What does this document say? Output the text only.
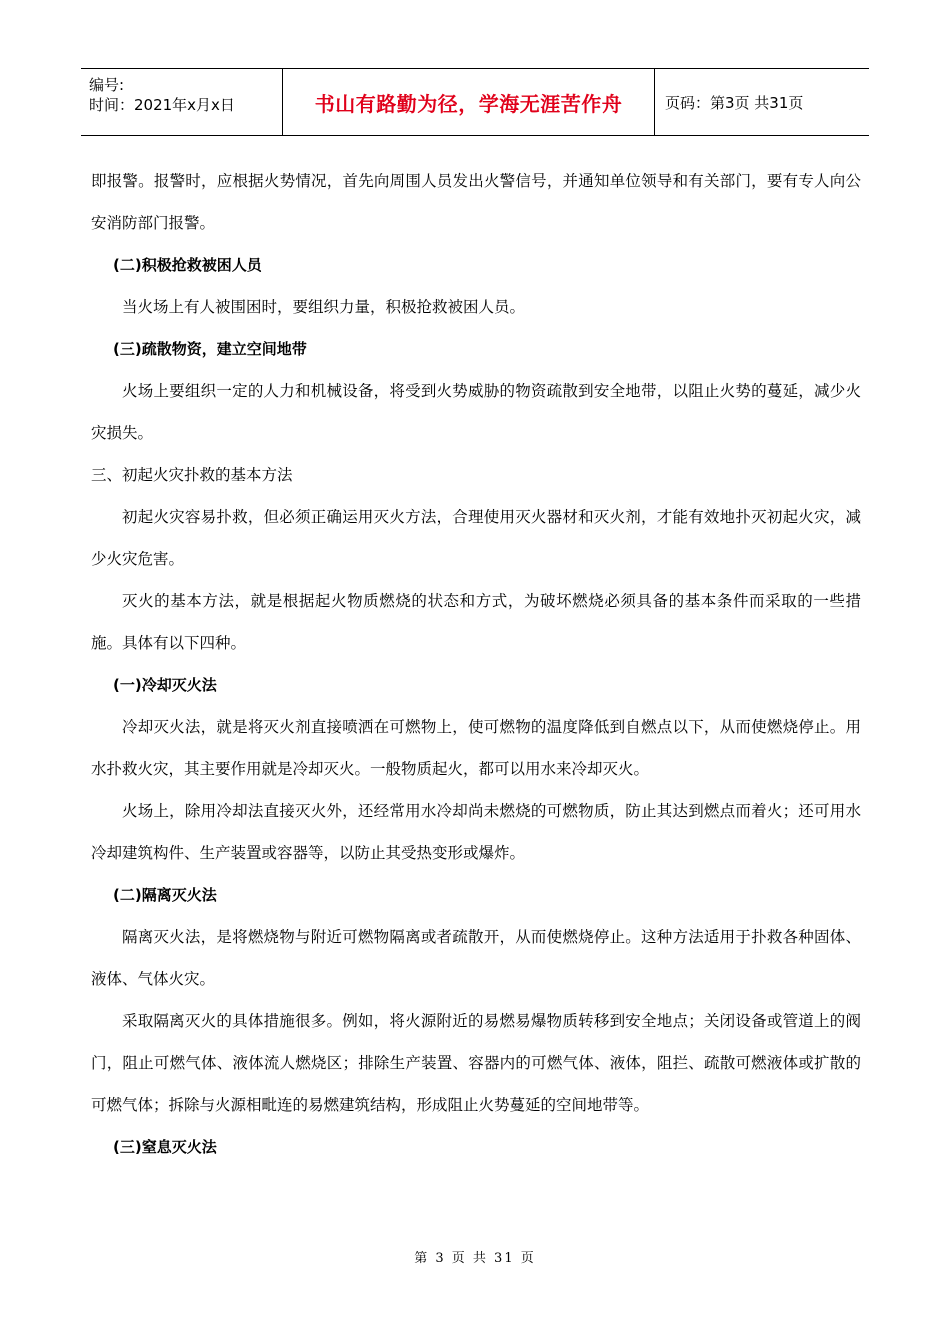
编号:
时间：2021年x月x日	书山有路勤为径，学海无涯苦作舟	页码：第3页 共31页

即报警。报警时，应根据火势情况，首先向周围人员发出火警信号，并通知单位领导和有关部门，要有专人向公安消防部门报警。

(二)积极抢救被困人员

当火场上有人被围困时，要组织力量，积极抢救被困人员。

(三)疏散物资，建立空间地带

火场上要组织一定的人力和机械设备，将受到火势威胁的物资疏散到安全地带，以阻止火势的蔓延，减少火灾损失。

三、初起火灾扑救的基本方法

初起火灾容易扑救，但必须正确运用灭火方法，合理使用灭火器材和灭火剂，才能有效地扑灭初起火灾，减少火灾危害。

灭火的基本方法，就是根据起火物质燃烧的状态和方式，为破坏燃烧必须具备的基本条件而采取的一些措施。具体有以下四种。

(一)冷却灭火法

冷却灭火法，就是将灭火剂直接喷洒在可燃物上，使可燃物的温度降低到自燃点以下，从而使燃烧停止。用水扑救火灾，其主要作用就是冷却灭火。一般物质起火，都可以用水来冷却灭火。

火场上，除用冷却法直接灭火外，还经常用水冷却尚未燃烧的可燃物质，防止其达到燃点而着火；还可用水冷却建筑构件、生产装置或容器等，以防止其受热变形或爆炸。

(二)隔离灭火法

隔离灭火法，是将燃烧物与附近可燃物隔离或者疏散开，从而使燃烧停止。这种方法适用于扑救各种固体、液体、气体火灾。

采取隔离灭火的具体措施很多。例如，将火源附近的易燃易爆物质转移到安全地点；关闭设备或管道上的阀门，阻止可燃气体、液体流人燃烧区；排除生产装置、容器内的可燃气体、液体，阻拦、疏散可燃液体或扩散的可燃气体；拆除与火源相毗连的易燃建筑结构，形成阻止火势蔓延的空间地带等。

(三)窒息灭火法

第 3 页 共 31 页
